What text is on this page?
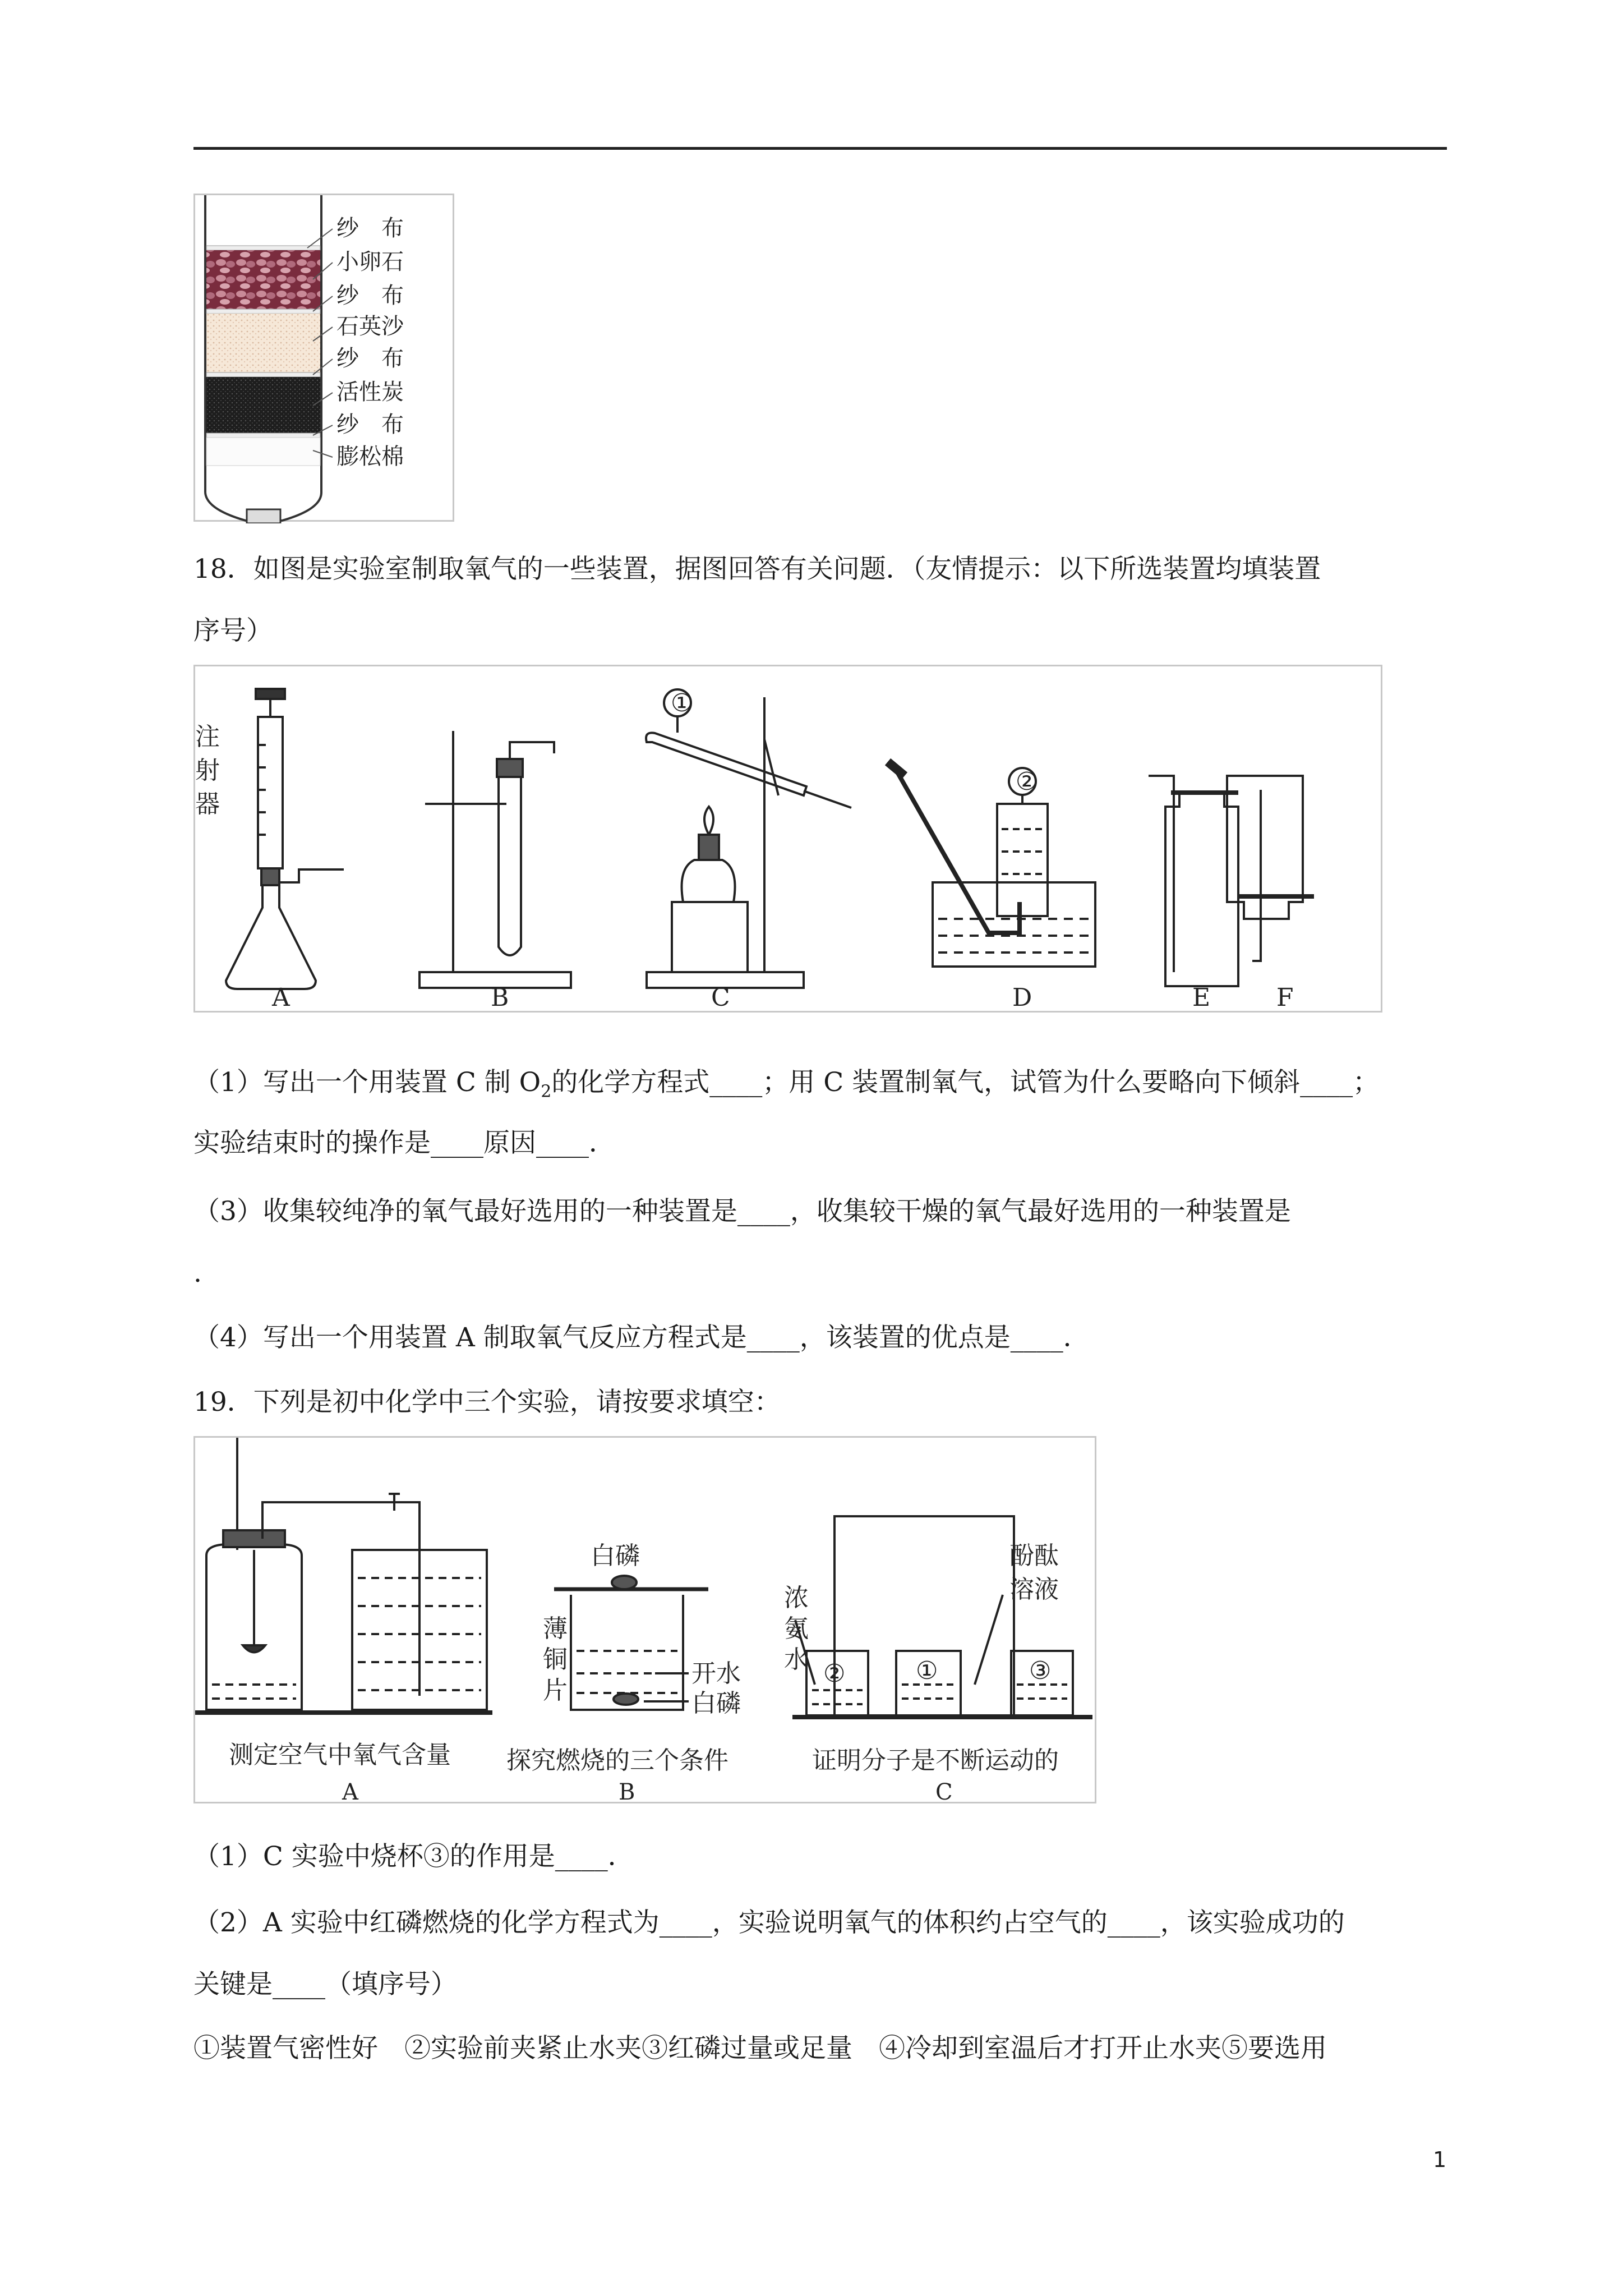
纱　布
小卵石
纱　布
石英沙
纱　布
活性炭
纱　布
膨松棉
18．如图是实验室制取氧气的一些装置，据图回答有关问题．（友情提示：以下所选装置均填装置
序号）
注
射
器
①
②
A	B	C	D	E	F
（1）写出一个用装置 C 制 $O_2$的化学方程式____；用 C 装置制氧气，试管为什么要略向下倾斜____；
实验结束时的操作是____原因____．
（3）收集较纯净的氧气最好选用的一种装置是____，收集较干燥的氧气最好选用的一种装置是
.
（4）写出一个用装置 A 制取氧气反应方程式是____，该装置的优点是____．
19．下列是初中化学中三个实验，请按要求填空：
白磷
薄
铜
片
开水
白磷
浓
氨
水
酚酞
溶液
②	①	③
测定空气中氧气含量 探究燃烧的三个条件	证明分子是不断运动的
A	B	C
（1）C 实验中烧杯③的作用是____．
（2）A 实验中红磷燃烧的化学方程式为____，实验说明氧气的体积约占空气的____，该实验成功的
关键是____（填序号）
①装置气密性好　②实验前夹紧止水夹③红磷过量或足量　④冷却到室温后才打开止水夹⑤要选用
1
